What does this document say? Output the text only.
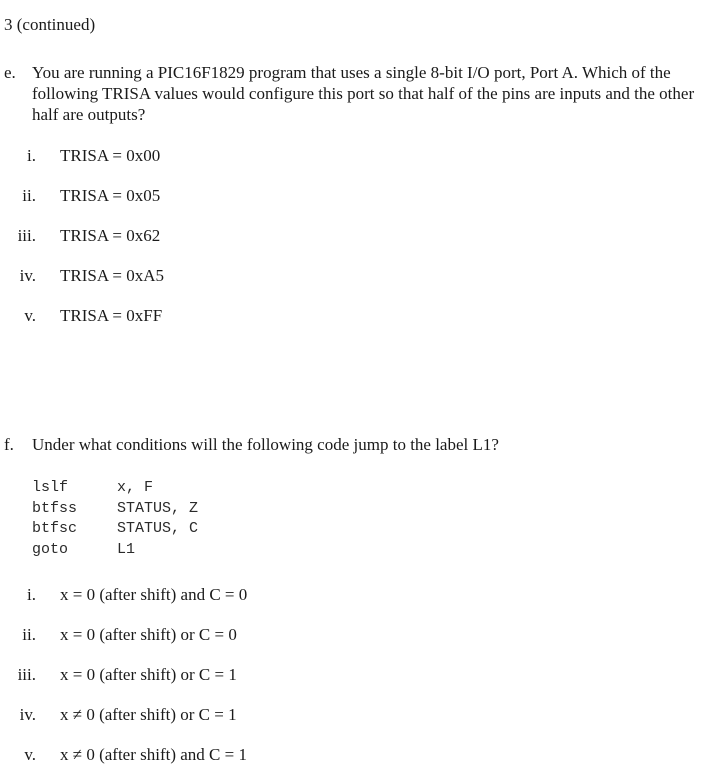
3 (continued)
e. You are running a PIC16F1829 program that uses a single 8-bit I/O port, Port A. Which of the following TRISA values would configure this port so that half of the pins are inputs and the other half are outputs?
i. TRISA = 0x00
ii. TRISA = 0x05
iii. TRISA = 0x62
iv. TRISA = 0xA5
v. TRISA = 0xFF
f. Under what conditions will the following code jump to the label L1?
lslf	x, F
btfss	STATUS, Z
btfsc	STATUS, C
goto	L1
i. x = 0 (after shift) and C = 0
ii. x = 0 (after shift) or C = 0
iii. x = 0 (after shift) or C = 1
iv. x ≠ 0 (after shift) or C = 1
v. x ≠ 0 (after shift) and C = 1
